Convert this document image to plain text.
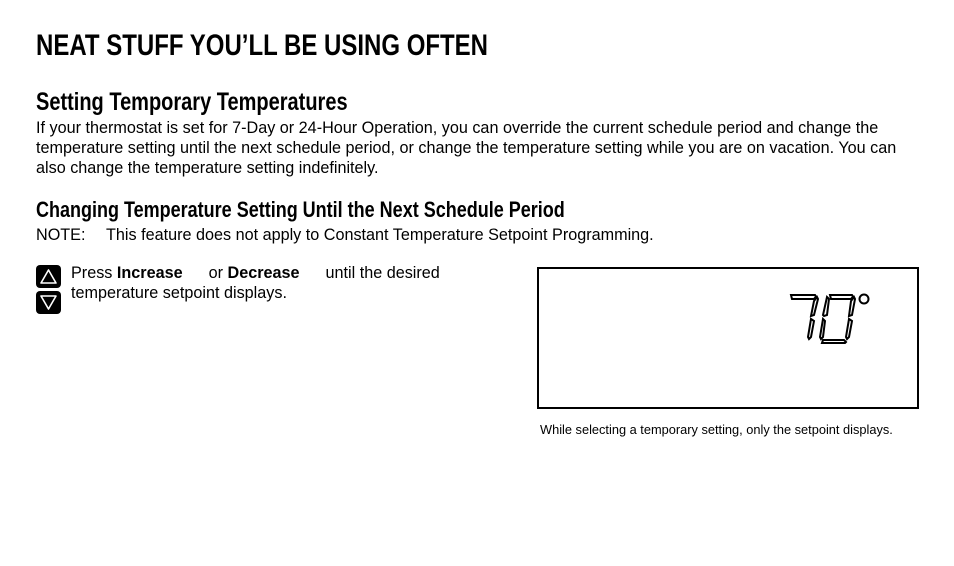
NEAT STUFF YOU’LL BE USING OFTEN
Setting Temporary Temperatures
If your thermostat is set for 7-Day or 24-Hour Operation, you can override the current schedule period and change the temperature setting until the next schedule period, or change the temperature setting while you are on vacation. You can also change the temperature setting indefinitely.
Changing Temperature Setting Until the Next Schedule Period
NOTE: This feature does not apply to Constant Temperature Setpoint Programming.
Press Increase or Decrease until the desired
temperature setpoint displays.
While selecting a temporary setting, only the setpoint displays.
